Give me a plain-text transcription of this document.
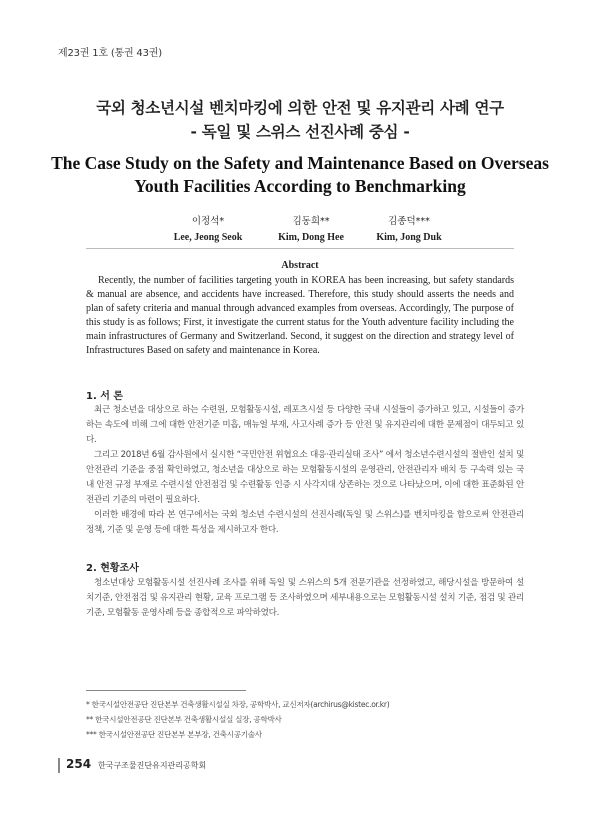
제23권 1호 (통권 43권)
국외 청소년시설 벤치마킹에 의한 안전 및 유지관리 사례 연구
- 독일 및 스위스 선진사례 중심 -
The Case Study on the Safety and Maintenance Based on Overseas
Youth Facilities According to Benchmarking
이정석*
Lee, Jeong Seok
김동희**
Kim, Dong Hee
김종덕***
Kim, Jong Duk
Abstract
Recently, the number of facilities targeting youth in KOREA has been increasing, but safety standards & manual are absence, and accidents have increased. Therefore, this study should asserts the needs and plan of safety criteria and manual through advanced examples from overseas. Accordingly, The purpose of this study is as follows; First, it investigate the current status for the Youth adventure facility including the main infrastructures of Germany and Switzerland. Second, it suggest on the direction and strategy level of Infrastructures Based on safety and maintenance in Korea.
1. 서 론

최근 청소년을 대상으로 하는 수련원, 모험활동시설, 레포츠시설 등 다양한 국내 시설들이 증가하고 있고, 시설들이 증가하는 속도에 비해 그에 대한 안전기준 미흡, 매뉴얼 부재, 사고사례 증가 등 안전 및 유지관리에 대한 문제점이 대두되고 있다.

그리고 2018년 6월 감사원에서 실시한 “국민안전 위협요소 대응·관리실태 조사” 에서 청소년수련시설의 절반인 설치 및 안전관리 기준을 중점 확인하였고, 청소년을 대상으로 하는 모험활동시설의 운영관리, 안전관리자 배치 등 구속력 있는 국내 안전 규정 부재로 수련시설 안전점검 및 수련활동 인증 시 사각지대 상존하는 것으로 나타났으며, 이에 대한 표준화된 안전관리 기준의 마련이 필요하다.

이러한 배경에 따라 본 연구에서는 국외 청소년 수련시설의 선진사례(독일 및 스위스)를 벤치마킹을 함으로써 안전관리 정책, 기준 및 운영 등에 대한 특성을 제시하고자 한다.

2. 현황조사

청소년대상 모험활동시설 선진사례 조사를 위해 독일 및 스위스의 5개 전문기관을 선정하였고, 해당시설을 방문하여 설치기준, 안전점검 및 유지관리 현황, 교육 프로그램 등 조사하였으며 세부내용으로는 모험활동시설 설치 기준, 점검 및 관리기준, 모험활동 운영사례 등을 종합적으로 파악하였다.

* 한국시설안전공단 진단본부 건축생활시설실 차장, 공학박사, 교신저자(archirus@kistec.or.kr)
** 한국시설안전공단 진단본부 건축생활시설실 실장, 공학박사
*** 한국시설안전공단 진단본부 본부장, 건축시공기술사
254 한국구조물진단유지관리공학회
